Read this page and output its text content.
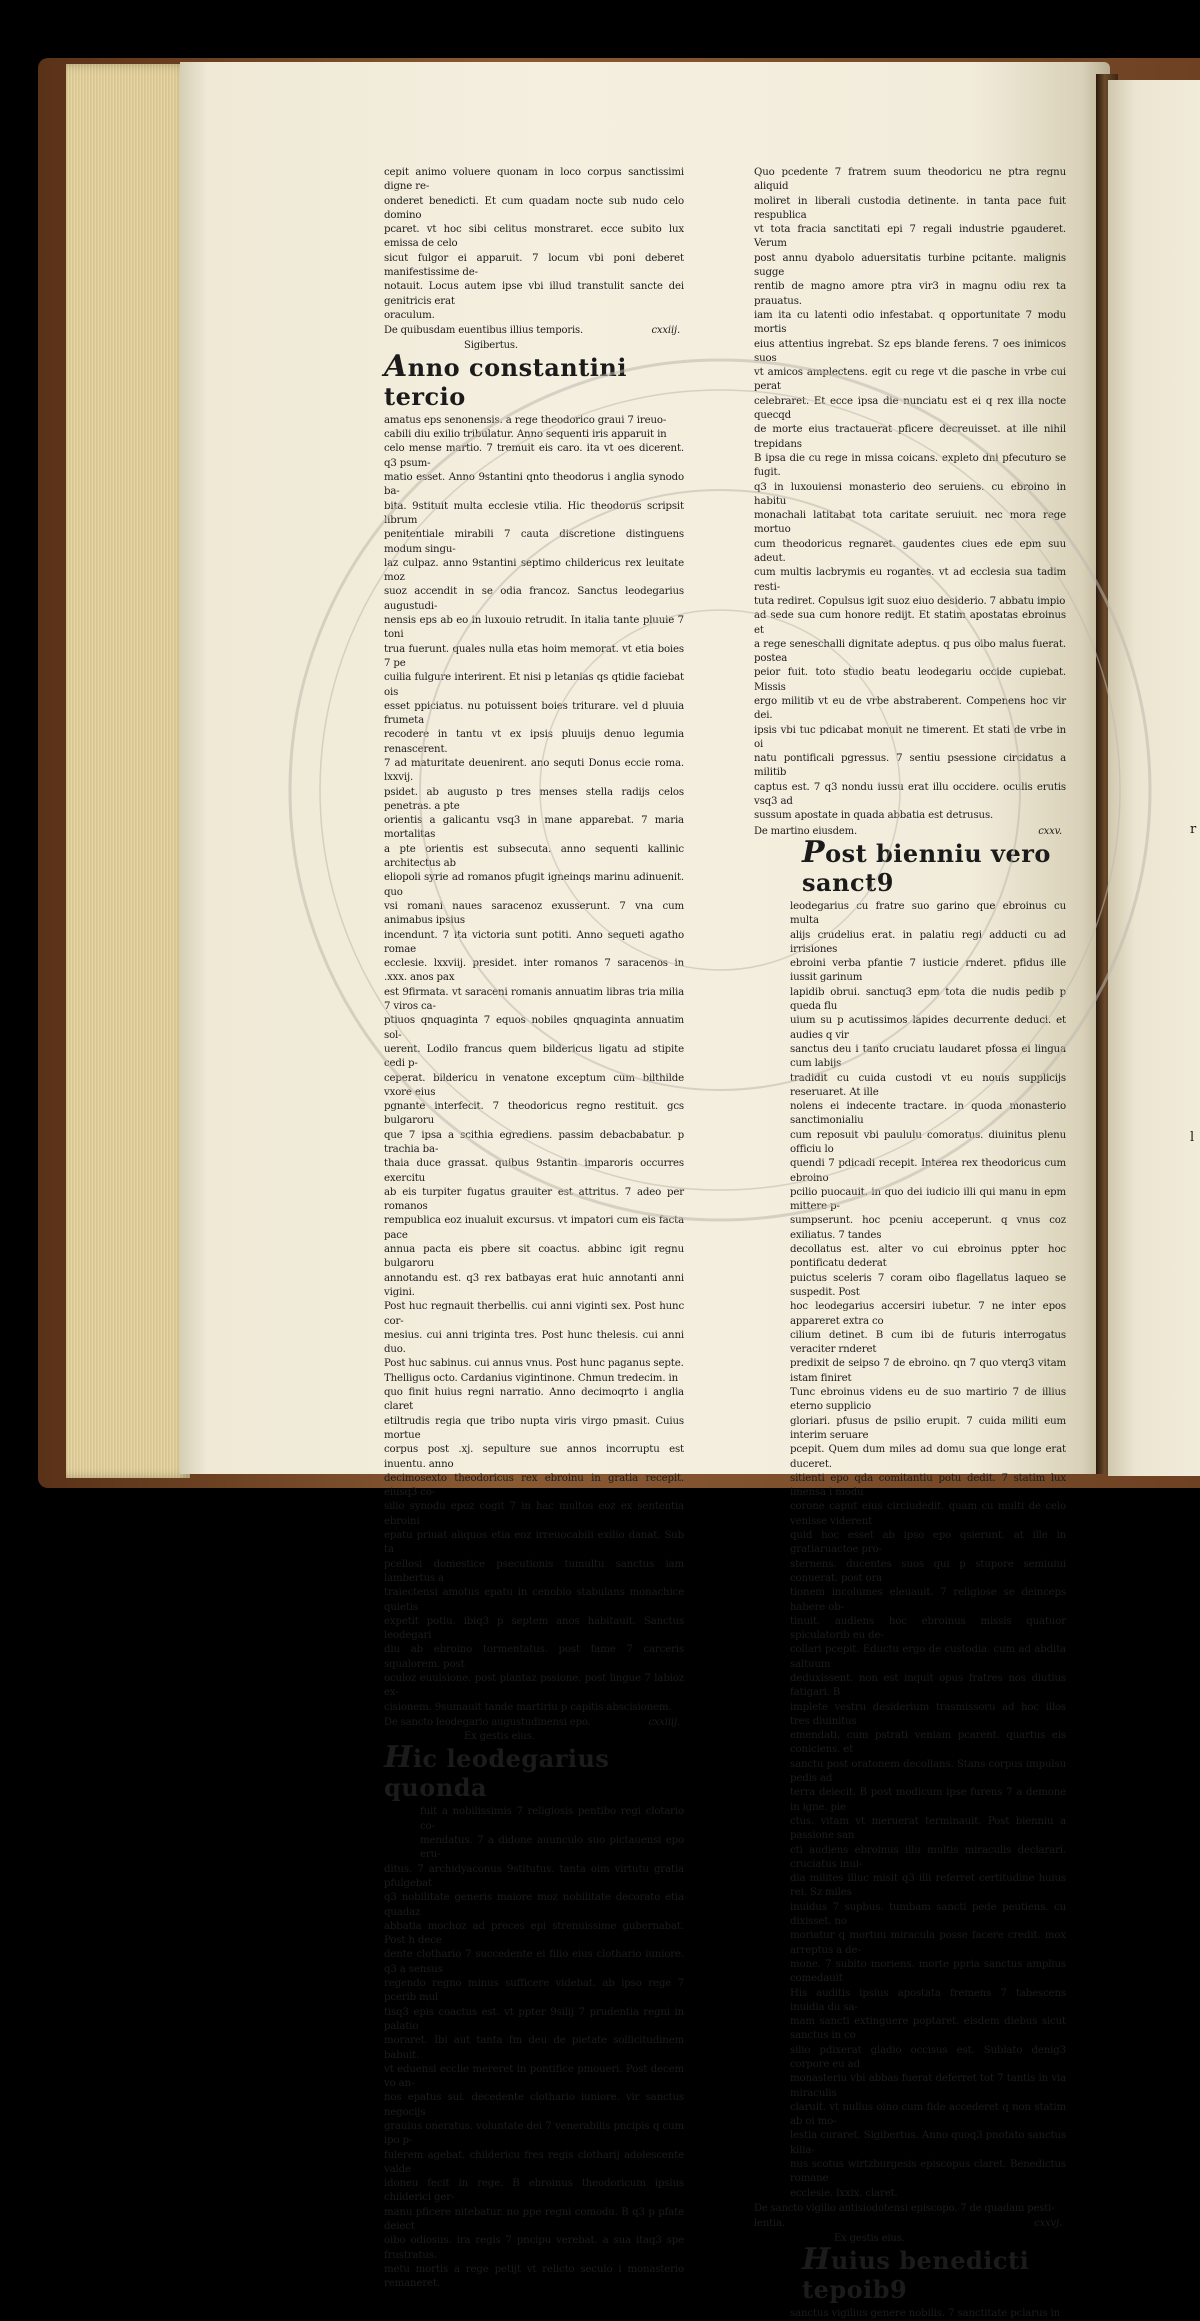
r
l

cepit animo voluere quonam in loco corpus sanctissimi digne re-
onderet benedicti. Et cum quadam nocte sub nudo celo domino
pcaret. vt hoc sibi celitus monstraret. ecce subito lux emissa de celo
sicut fulgor ei apparuit. 7 locum vbi poni deberet manifestissime de-
notauit. Locus autem ipse vbi illud transtulit sancte dei genitricis erat
oraculum.

De quibusdam euentibus illius temporis.	cxxiij.

Sigibertus.

Anno constantini tercio

amatus eps senonensis. a rege theodorico graui 7 ireuo-
cabili diu exilio tribulatur. Anno sequenti iris apparuit in
celo mense martio. 7 tremuit eis caro. ita vt oes dicerent. q3 psum-
matio esset. Anno 9stantini qnto theodorus i anglia synodo ba-
bita. 9stituit multa ecclesie vtilia. Hic theodorus scripsit librum
penitentiale mirabili 7 cauta discretione distinguens modum singu-
laz culpaz. anno 9stantini septimo childericus rex leuitate moz
suoz accendit in se odia francoz. Sanctus leodegarius augustudi-
nensis eps ab eo in luxouio retrudit. In italia tante pluuie 7 toni
trua fuerunt. quales nulla etas hoim memorat. vt etia boies 7 pe
cuilia fulgure interirent. Et nisi p letanias qs qtidie faciebat ois
esset ppiciatus. nu potuissent boies triturare. vel d pluuia frumeta
recodere in tantu vt ex ipsis pluuijs denuo legumia renascerent.
7 ad maturitate deuenirent. ano sequti Donus eccie roma. lxxvij.
psidet. ab augusto p tres menses stella radijs celos penetras. a pte
orientis a galicantu vsq3 in mane apparebat. 7 maria mortalitas
a pte orientis est subsecuta. anno sequenti kallinic architectus ab
eliopoli syrie ad romanos pfugit igneinqs marinu adinuenit. quo
vsi romani naues saracenoz exusserunt. 7 vna cum animabus ipsius
incendunt. 7 ita victoria sunt potiti. Anno sequeti agatho romae
ecclesie. lxxviij. presidet. inter romanos 7 saracenos in .xxx. anos pax
est 9firmata. vt saraceni romanis annuatim libras tria milia 7 viros ca-
ptiuos qnquaginta 7 equos nobiles qnquaginta annuatim sol-
uerent. Lodilo francus quem bildericus ligatu ad stipite cedi p-
ceperat. bildericu in venatone exceptum cum bilthilde vxore eius
pgnante interfecit. 7 theodoricus regno restituit. gcs bulgaroru
que 7 ipsa a scithia egrediens. passim debacbabatur. p trachia ba-
thaia duce grassat. quibus 9stantin imparoris occurres exercitu
ab eis turpiter fugatus grauiter est attritus. 7 adeo per romanos
rempublica eoz inualuit excursus. vt impatori cum eis facta pace
annua pacta eis pbere sit coactus. abbinc igit regnu bulgaroru
annotandu est. q3 rex batbayas erat huic annotanti anni vigini.
Post huc regnauit therbellis. cui anni viginti sex. Post hunc cor-
mesius. cui anni triginta tres. Post hunc thelesis. cui anni duo.
Post huc sabinus. cui annus vnus. Post hunc paganus septe.
Thelligus octo. Cardanius vigintinone. Chmun tredecim. in
quo finit huius regni narratio. Anno decimoqrto i anglia claret
etiltrudis regia que tribo nupta viris virgo pmasit. Cuius mortue
corpus post .xj. sepulture sue annos incorruptu est inuentu. anno
decimosexto theodoricus rex ebroinu in gratia recepit. eiusq3 co-
silio synodu epoz cogit 7 in hac multos eoz ex sententia ebroini
epatu priuat aliquos etia eoz irreuocabili exilio danat. Sub ta
pcellosi domestice psecutionis tumultu sanctus iam lambertus a
traiectensi amotus epatu in cenobio stabulans monachice quietis
expetit potiu. ibiq3 p septem anos habitauit. Sanctus leodegari
diu ab ebroino tormentatus. post fame 7 carceris squalorem. post
oculoz euulsione. post plantaz pssione. post lingue 7 labioz ex-
cisionem. 9sumauit tande martiriu p capitis abscisionem.

De sancto leodegario augustudinensi epo.	cxxiiij.

Ex gestis eius.

Hic leodegarius quonda

fuit a nobilissimis 7 religiosis pentibo regi clotario co-
mendatus. 7 a didone auunculo suo pictauensi epo eru-

ditus. 7 archidyaconus 9stitutus. tanta oim virtutu gratia pfulgebat
q3 nobilitate generis maiore moz nobilitate decorato etia quadaz
abbatia mochoz ad preces epi strenuissime gubernabat. Post h dece
dente clothario 7 succedente ei filio eius clothario iuniore. q3 a sensus
regendo regno minus sufficere videbat. ab ipso rege 7 pcerib mul
tisq3 epis coactus est. vt ppter 9silij 7 prudentia regni in palatio
moraret. Ibi aut tanta fm deu de pietate sollicitudinem babuit.
vt eduensi ecclie mereret in pontifice pmoueri. Post decem vo an-
nos epatus sui. decedente clothario iuniore. vir sanctus negocijs
grauius oneratus. voluntate dei 7 venerabilis pncipis q cum ipo p-
fulerem agebat. childericu fres regis clotharij adolescente valde
idoneu fecit in rege. B ebroinus theodoricum ipsius childerici ger-
manu pficere nitebatur. no ppe regni comodu. B q3 p pfate deiect
oibo odiosus. ira regis 7 pncipu verebat. a sua itaq3 spe frustratus.
metu mortis a rege petijt vt relicto seculo i monasterio remaneret.

Quo pcedente 7 fratrem suum theodoricu ne ptra regnu aliquid
moliret in liberali custodia detinente. in tanta pace fuit respublica
vt tota fracia sanctitati epi 7 regali industrie pgauderet. Verum
post annu dyabolo aduersitatis turbine pcitante. malignis sugge
rentib de magno amore ptra vir3 in magnu odiu rex ta prauatus.
iam ita cu latenti odio infestabat. q opportunitate 7 modu mortis
eius attentius ingrebat. Sz eps blande ferens. 7 oes inimicos suos
vt amicos amplectens. egit cu rege vt die pasche in vrbe cui perat
celebraret. Et ecce ipsa die nunciatu est ei q rex illa nocte quecqd
de morte eius tractauerat pficere decreuisset. at ille nihil trepidans
B ipsa die cu rege in missa coicans. expleto dni pfecuturo se fugit.
q3 in luxouiensi monasterio deo seruiens. cu ebroino in habitu
monachali latitabat tota caritate seruiuit. nec mora rege mortuo
cum theodoricus regnaret. gaudentes ciues ede epm suu adeut.
cum multis lacbrymis eu rogantes. vt ad ecclesia sua tadim resti-
tuta rediret. Copulsus igit suoz eiuo desiderio. 7 abbatu impio
ad sede sua cum honore redijt. Et statim apostatas ebroinus et
a rege seneschalli dignitate adeptus. q pus oibo malus fuerat. postea
peior fuit. toto studio beatu leodegariu occide cupiebat. Missis
ergo militib vt eu de vrbe abstraberent. Compenens hoc vir dei.
ipsis vbi tuc pdicabat monuit ne timerent. Et stati de vrbe in oi
natu pontificali pgressus. 7 sentiu psessione circidatus a militib
captus est. 7 q3 nondu iussu erat illu occidere. oculis erutis vsq3 ad
sussum apostate in quada abbatia est detrusus.

De martino eiusdem.	cxxv.
Post bienniu vero sanct9

leodegarius cu fratre suo garino que ebroinus cu multa
alijs crudelius erat. in palatiu regi adducti cu ad irrisiones
ebroini verba pfantie 7 iusticie rnderet. pfidus ille iussit garinum
lapidib obrui. sanctuq3 epm tota die nudis pedib p queda flu
uium su p acutissimos lapides decurrente deduci. et audies q vir
sanctus deu i tanto cruciatu laudaret pfossa ei lingua cum labijs
tradidit cu cuida custodi vt eu nouis supplicijs reseruaret. At ille
nolens ei indecente tractare. in quoda monasterio sanctimonialiu
cum reposuit vbi paululu comoratus. diuinitus plenu officiu lo
quendi 7 pdicadi recepit. Interea rex theodoricus cum ebroino
pcilio puocauit. in quo dei iudicio illi qui manu in epm mittere p-
sumpserunt. hoc pceniu acceperunt. q vnus coz exiliatus. 7 tandes
decollatus est. alter vo cui ebroinus ppter hoc pontificatu dederat
puictus sceleris 7 coram oibo flagellatus laqueo se suspedit. Post
hoc leodegarius accersiri iubetur. 7 ne inter epos appareret extra co
cilium detinet. B cum ibi de futuris interrogatus veraciter rnderet
predixit de seipso 7 de ebroino. qn 7 quo vterq3 vitam istam finiret
Tunc ebroinus videns eu de suo martirio 7 de illius eterno supplicio
gloriari. pfusus de psilio erupit. 7 cuida militi eum interim seruare
pcepit. Quem dum miles ad domu sua que longe erat duceret.
sitienti epo qda comitantiu potu dedit. 7 statim lux imensa i modu
corone caput eius circiudedit. quam cu multi de celo venisse viderent
quid hoc esset ab ipso epo qsierunt. at ille in gratiaruactoe pro-
sternens. ducentes suos qui p stupore semiuiui conuerat. post ora
tionem incolumes eleuauit. 7 religiose se deinceps habere ob-
tinuit. audiens hoc ebroinus missis quatuor spiculatorib eu de-
collari pcepit. Eductu ergo de custodia. cum ad abdita saltuum
deduxissent. non est inquit opus fratres nos diutius fatigari. B
implete vestru desiderium trasmissoru ad hoc illos tres diuinitus
emendati. cum pstrati veniam pcarent. quartus eis coniciens. et
sanctu post oratonem decollans. Stans corpus impulsu pedis ad
terra deiecit. B post modicum ipse furens 7 a demone in igne. pie
ctus. vitam vt meruerat terminauit. Post bienniu a passione san
cti audiens ebroinus illu multis miraculis declarari. cruciatus inui-
dia milites illuc misit q3 illi referret certitudine huius rei. Sz miles
inuidus 7 supbus. tumbam sancti pede peutiens. cu dixisset. no
moriatur q mortuu miracula posse facere credit. mox arreptus a de-
mone. 7 subito moriens. morte ppria sanctus amplius comedauit
His auditis ipsius apostata fremens 7 tabescens inuidia du sa-
mam sancti extinguere poptaret. eisdem diebus sicut sanctus in co
silio pdixerat gladio occisus est. Sublato denig3 corpore eu ad
monasteriu vbi abbas fuerat deferret tot 7 tantis in via miraculis
claruit. vt nullus oino cum fide accederet q non statim ab oi mo-
lestia curaret. Sigibertus. Anno quoq3 pnotato sanctus kilia-
nus scotus wirtzburgesis episcopus claret. Benedictus romane
ecclesie. lxxix. claret.

De sancto vigilio antisiodotensi episcopo. 7 de quadam pesti-
lentia.	cxxvj.

Ex gestis eius.

Huius benedicti tepoib9

sanctus vigilius genere nobilis. 7 sanctitate pclarus in
